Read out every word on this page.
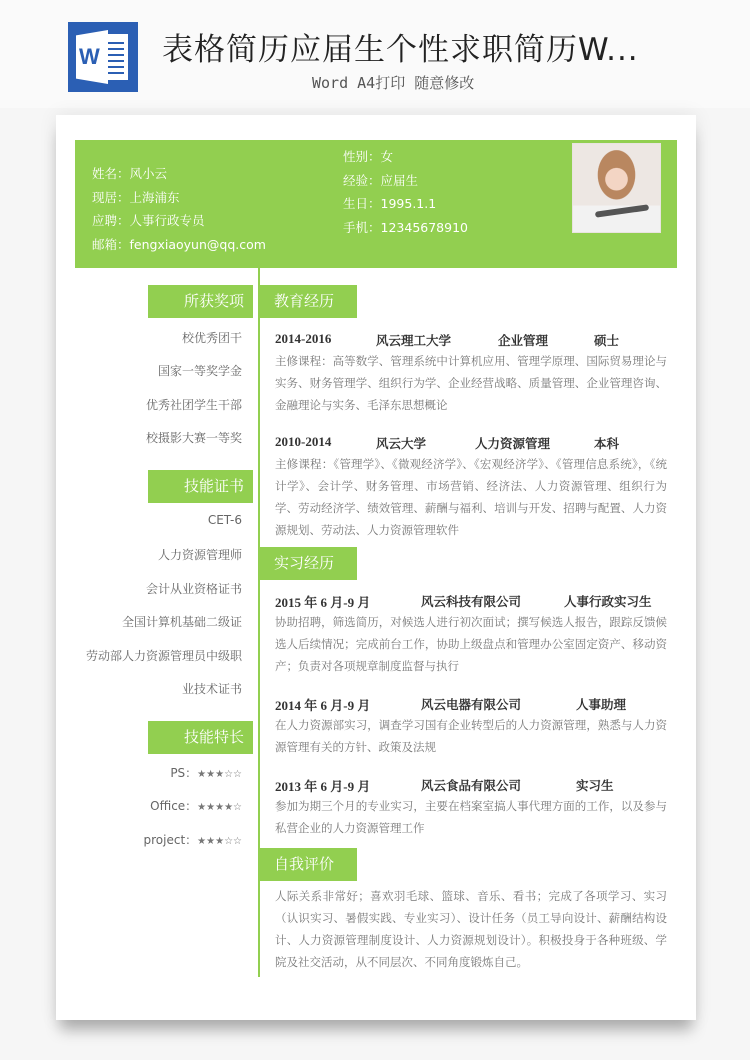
W 表格简历应届生个性求职简历W...
Word A4打印 随意修改
姓名：风小云
现居：上海浦东
应聘：人事行政专员
邮箱：fengxiaoyun@qq.com
性别：女
经验：应届生
生日：1995.1.1
手机：12345678910
所获奖项
校优秀团干
国家一等奖学金
优秀社团学生干部
校摄影大赛一等奖
技能证书
CET-6
人力资源管理师
会计从业资格证书
全国计算机基础二级证
劳动部人力资源管理员中级职
业技术证书
技能特长
PS：★★★☆☆
Office：★★★★☆
project：★★★☆☆
教育经历
2014-2016	风云理工大学	企业管理	硕士
主修课程：高等数学、管理系统中计算机应用、管理学原理、国际贸易理论与实务、财务管理学、组织行为学、企业经营战略、质量管理、企业管理咨询、金融理论与实务、毛泽东思想概论
2010-2014	风云大学	人力资源管理	本科
主修课程：《管理学》、《微观经济学》、《宏观经济学》、《管理信息系统》，《统计学》、会计学、财务管理、市场营销、经济法、人力资源管理、组织行为学、劳动经济学、绩效管理、薪酬与福利、培训与开发、招聘与配置、人力资源规划、劳动法、人力资源管理软件
实习经历
2015 年 6 月-9 月	风云科技有限公司	人事行政实习生
协助招聘，筛选简历，对候选人进行初次面试；撰写候选人报告，跟踪反馈候选人后续情况；完成前台工作，协助上级盘点和管理办公室固定资产、移动资产；负责对各项规章制度监督与执行
2014 年 6 月-9 月	风云电器有限公司	人事助理
在人力资源部实习，调查学习国有企业转型后的人力资源管理，熟悉与人力资源管理有关的方针、政策及法规
2013 年 6 月-9 月	风云食品有限公司	实习生
参加为期三个月的专业实习，主要在档案室搞人事代理方面的工作，以及参与私营企业的人力资源管理工作
自我评价
人际关系非常好；喜欢羽毛球、篮球、音乐、看书；完成了各项学习、实习（认识实习、暑假实践、专业实习）、设计任务（员工导向设计、薪酬结构设计、人力资源管理制度设计、人力资源规划设计）。积极投身于各种班级、学院及社交活动，从不同层次、不同角度锻炼自己。
